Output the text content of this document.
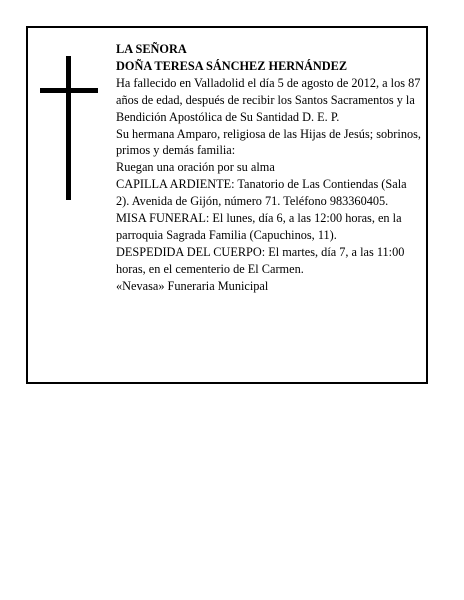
LA SEÑORA

DOÑA TERESA SÁNCHEZ HERNÁNDEZ

Ha fallecido en Valladolid el día 5 de agosto de 2012, a los 87 años de edad, después de recibir los Santos Sacramentos y la Bendición Apostólica de Su Santidad D. E. P.

Su hermana Amparo, religiosa de las Hijas de Jesús; sobrinos, primos y demás familia:

Ruegan una oración por su alma

CAPILLA ARDIENTE: Tanatorio de Las Contiendas (Sala 2). Avenida de Gijón, número 71. Teléfono 983360405.

MISA FUNERAL: El lunes, día 6, a las 12:00 horas, en la parroquia Sagrada Familia (Capuchinos, 11).

DESPEDIDA DEL CUERPO: El martes, día 7, a las 11:00 horas, en el cementerio de El Carmen.

«Nevasa» Funeraria Municipal
